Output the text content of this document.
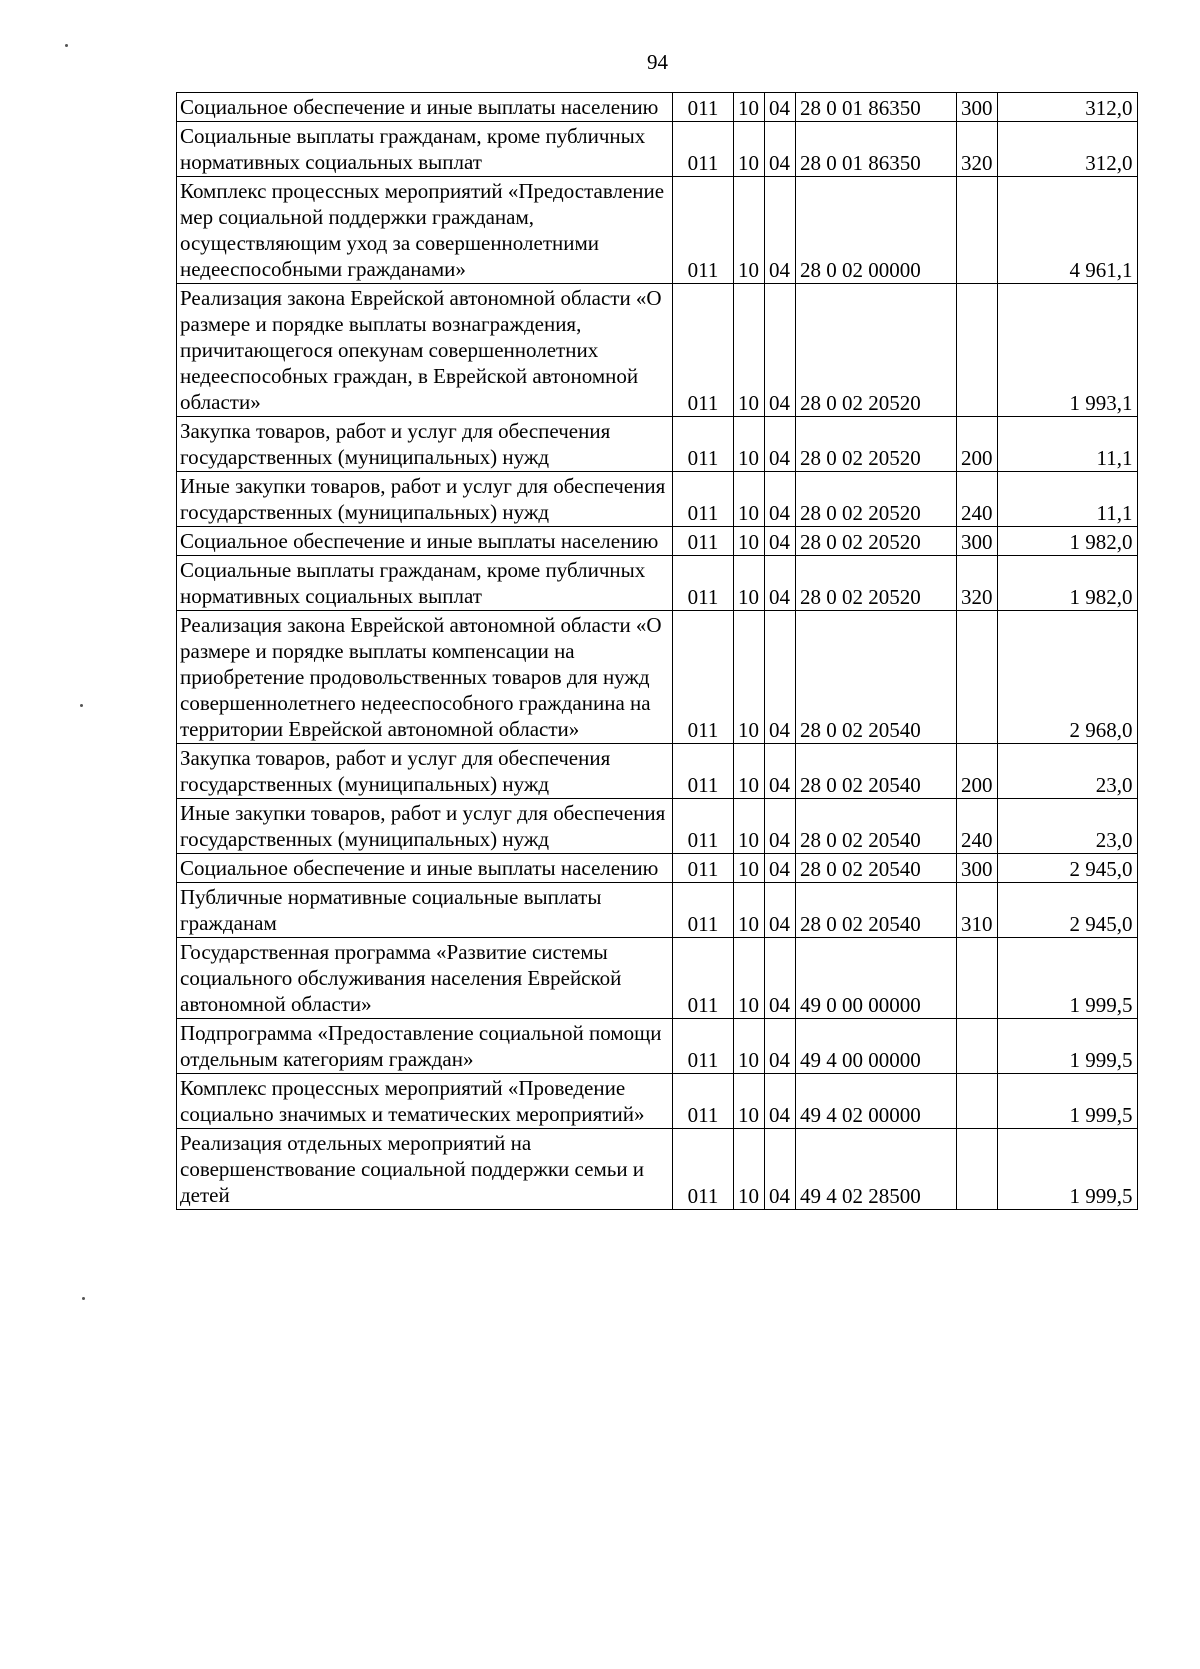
94
Социальное обеспечение и иные выплаты населению	011	10	04	28 0 01 86350	300	312,0
Социальные выплаты гражданам, кроме публичных нормативных социальных выплат	011	10	04	28 0 01 86350	320	312,0
Комплекс процессных мероприятий «Предоставление мер социальной поддержки гражданам, осуществляющим уход за совершеннолетними недееспособными гражданами»	011	10	04	28 0 02 00000		4 961,1
Реализация закона Еврейской автономной области «О размере и порядке выплаты вознаграждения, причитающегося опекунам совершеннолетних недееспособных граждан, в Еврейской автономной области»	011	10	04	28 0 02 20520		1 993,1
Закупка товаров, работ и услуг для обеспечения государственных (муниципальных) нужд	011	10	04	28 0 02 20520	200	11,1
Иные закупки товаров, работ и услуг для обеспечения государственных (муниципальных) нужд	011	10	04	28 0 02 20520	240	11,1
Социальное обеспечение и иные выплаты населению	011	10	04	28 0 02 20520	300	1 982,0
Социальные выплаты гражданам, кроме публичных нормативных социальных выплат	011	10	04	28 0 02 20520	320	1 982,0
Реализация закона Еврейской автономной области «О размере и порядке выплаты компенсации на приобретение продовольственных товаров для нужд совершеннолетнего недееспособного гражданина на территории Еврейской автономной области»	011	10	04	28 0 02 20540		2 968,0
Закупка товаров, работ и услуг для обеспечения государственных (муниципальных) нужд	011	10	04	28 0 02 20540	200	23,0
Иные закупки товаров, работ и услуг для обеспечения государственных (муниципальных) нужд	011	10	04	28 0 02 20540	240	23,0
Социальное обеспечение и иные выплаты населению	011	10	04	28 0 02 20540	300	2 945,0
Публичные нормативные социальные выплаты гражданам	011	10	04	28 0 02 20540	310	2 945,0
Государственная программа «Развитие системы социального обслуживания населения Еврейской автономной области»	011	10	04	49 0 00 00000		1 999,5
Подпрограмма «Предоставление социальной помощи отдельным категориям граждан»	011	10	04	49 4 00 00000		1 999,5
Комплекс процессных мероприятий «Проведение социально значимых и тематических мероприятий»	011	10	04	49 4 02 00000		1 999,5
Реализация отдельных мероприятий на совершенствование социальной поддержки семьи и детей	011	10	04	49 4 02 28500		1 999,5
